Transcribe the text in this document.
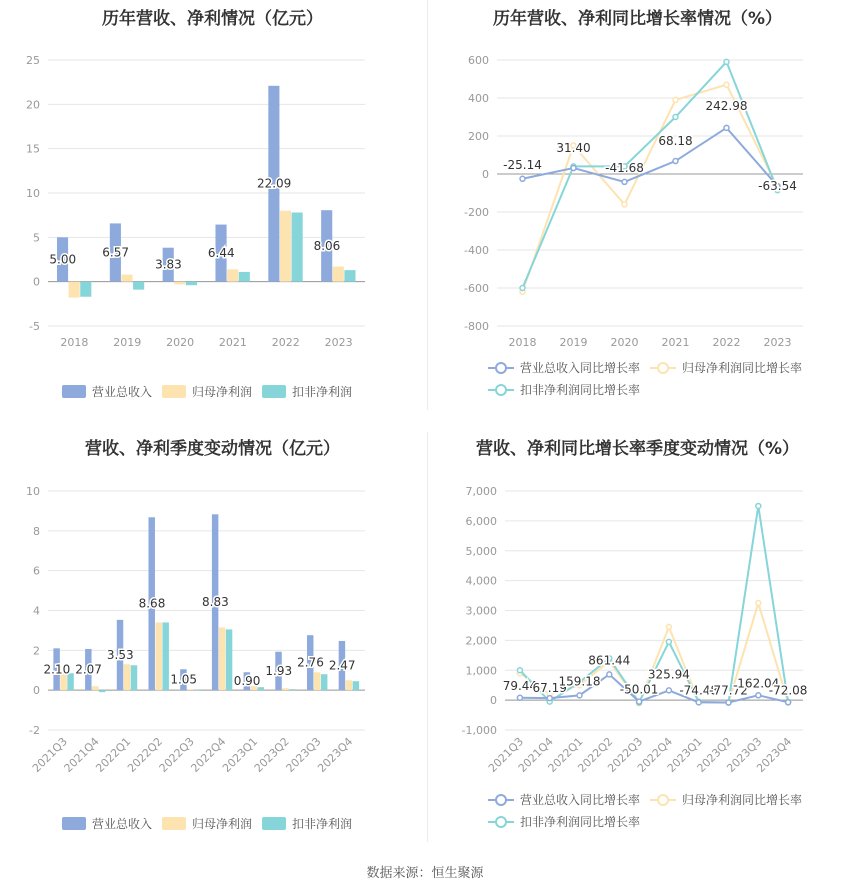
历年营收、净利情况（亿元）
-5
0
5
10
15
20
25
2018 2019 2020 2021 2022 2023
5.00 6.57
3.83
6.44
22.09
8.06
营业总收入	归母净利润	扣非净利润
历年营收、净利同比增长率情况（%）
-800
-600
-400
-200
0
200
400
600
2018 2019 2020 2021 2022 2023
-25.14
31.40
-41.68
68.18
242.98
-63.54
营业总收入同比增长率	归母净利润同比增长率
扣非净利润同比增长率
营收、净利季度变动情况（亿元）
-2
0
2
4
6
8
10
2021Q3
2021Q4
2022Q1
2022Q2
2022Q3
2022Q4
2023Q1
2023Q2
2023Q3
2023Q4
2.10 2.07
3.53
8.68
1.05
8.83
0.90
1.93
2.76 2.47
营业总收入	归母净利润	扣非净利润
营收、净利同比增长率季度变动情况（%）
-1,000
0
1,000
2,000
3,000
4,000
5,000
6,000
7,000
2021Q3
2021Q4
2022Q1
2022Q2
2022Q3
2022Q4
2023Q1
2023Q2
2023Q3
2023Q4
79.44
67.19
159.18
861.44
-50.01
325.94
-74.48
-77.72
162.04
-72.08
营业总收入同比增长率	归母净利润同比增长率
扣非净利润同比增长率
数据来源：恒生聚源
